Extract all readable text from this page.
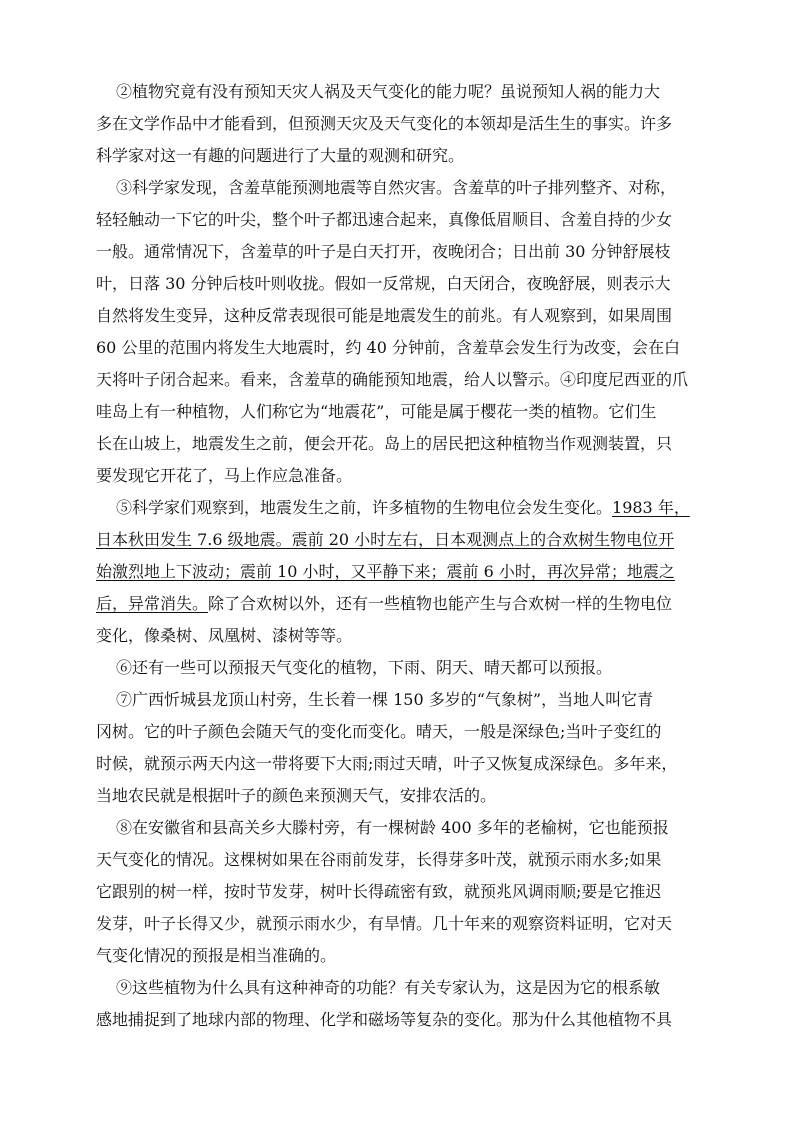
②植物究竟有没有预知天灾人祸及天气变化的能力呢？虽说预知人祸的能力大
多在文学作品中才能看到，但预测天灾及天气变化的本领却是活生生的事实。许多
科学家对这一有趣的问题进行了大量的观测和研究。
③科学家发现，含羞草能预测地震等自然灾害。含羞草的叶子排列整齐、对称，
轻轻触动一下它的叶尖，整个叶子都迅速合起来，真像低眉顺目、含羞自持的少女
一般。通常情况下，含羞草的叶子是白天打开，夜晚闭合；日出前 30 分钟舒展枝
叶，日落 30 分钟后枝叶则收拢。假如一反常规，白天闭合，夜晚舒展，则表示大
自然将发生变异，这种反常表现很可能是地震发生的前兆。有人观察到，如果周围
60 公里的范围内将发生大地震时，约 40 分钟前，含羞草会发生行为改变，会在白
天将叶子闭合起来。看来，含羞草的确能预知地震，给人以警示。④印度尼西亚的爪
哇岛上有一种植物，人们称它为“地震花”，可能是属于樱花一类的植物。它们生
长在山坡上，地震发生之前，便会开花。岛上的居民把这种植物当作观测装置，只
要发现它开花了，马上作应急准备。
⑤科学家们观察到，地震发生之前，许多植物的生物电位会发生变化。1983 年，
日本秋田发生 7.6 级地震。震前 20 小时左右，日本观测点上的合欢树生物电位开
始激烈地上下波动；震前 10 小时，又平静下来；震前 6 小时，再次异常；地震之
后，异常消失。除了合欢树以外，还有一些植物也能产生与合欢树一样的生物电位
变化，像桑树、凤凰树、漆树等等。
⑥还有一些可以预报天气变化的植物，下雨、阴天、晴天都可以预报。
⑦广西忻城县龙顶山村旁，生长着一棵 150 多岁的“气象树”，当地人叫它青
冈树。它的叶子颜色会随天气的变化而变化。晴天，一般是深绿色;当叶子变红的
时候，就预示两天内这一带将要下大雨;雨过天晴，叶子又恢复成深绿色。多年来，
当地农民就是根据叶子的颜色来预测天气，安排农活的。
⑧在安徽省和县高关乡大滕村旁，有一棵树龄 400 多年的老榆树，它也能预报
天气变化的情况。这棵树如果在谷雨前发芽，长得芽多叶茂，就预示雨水多;如果
它跟别的树一样，按时节发芽，树叶长得疏密有致，就预兆风调雨顺;要是它推迟
发芽，叶子长得又少，就预示雨水少，有旱情。几十年来的观察资料证明，它对天
气变化情况的预报是相当准确的。
⑨这些植物为什么具有这种神奇的功能？有关专家认为，这是因为它的根系敏
感地捕捉到了地球内部的物理、化学和磁场等复杂的变化。那为什么其他植物不具
